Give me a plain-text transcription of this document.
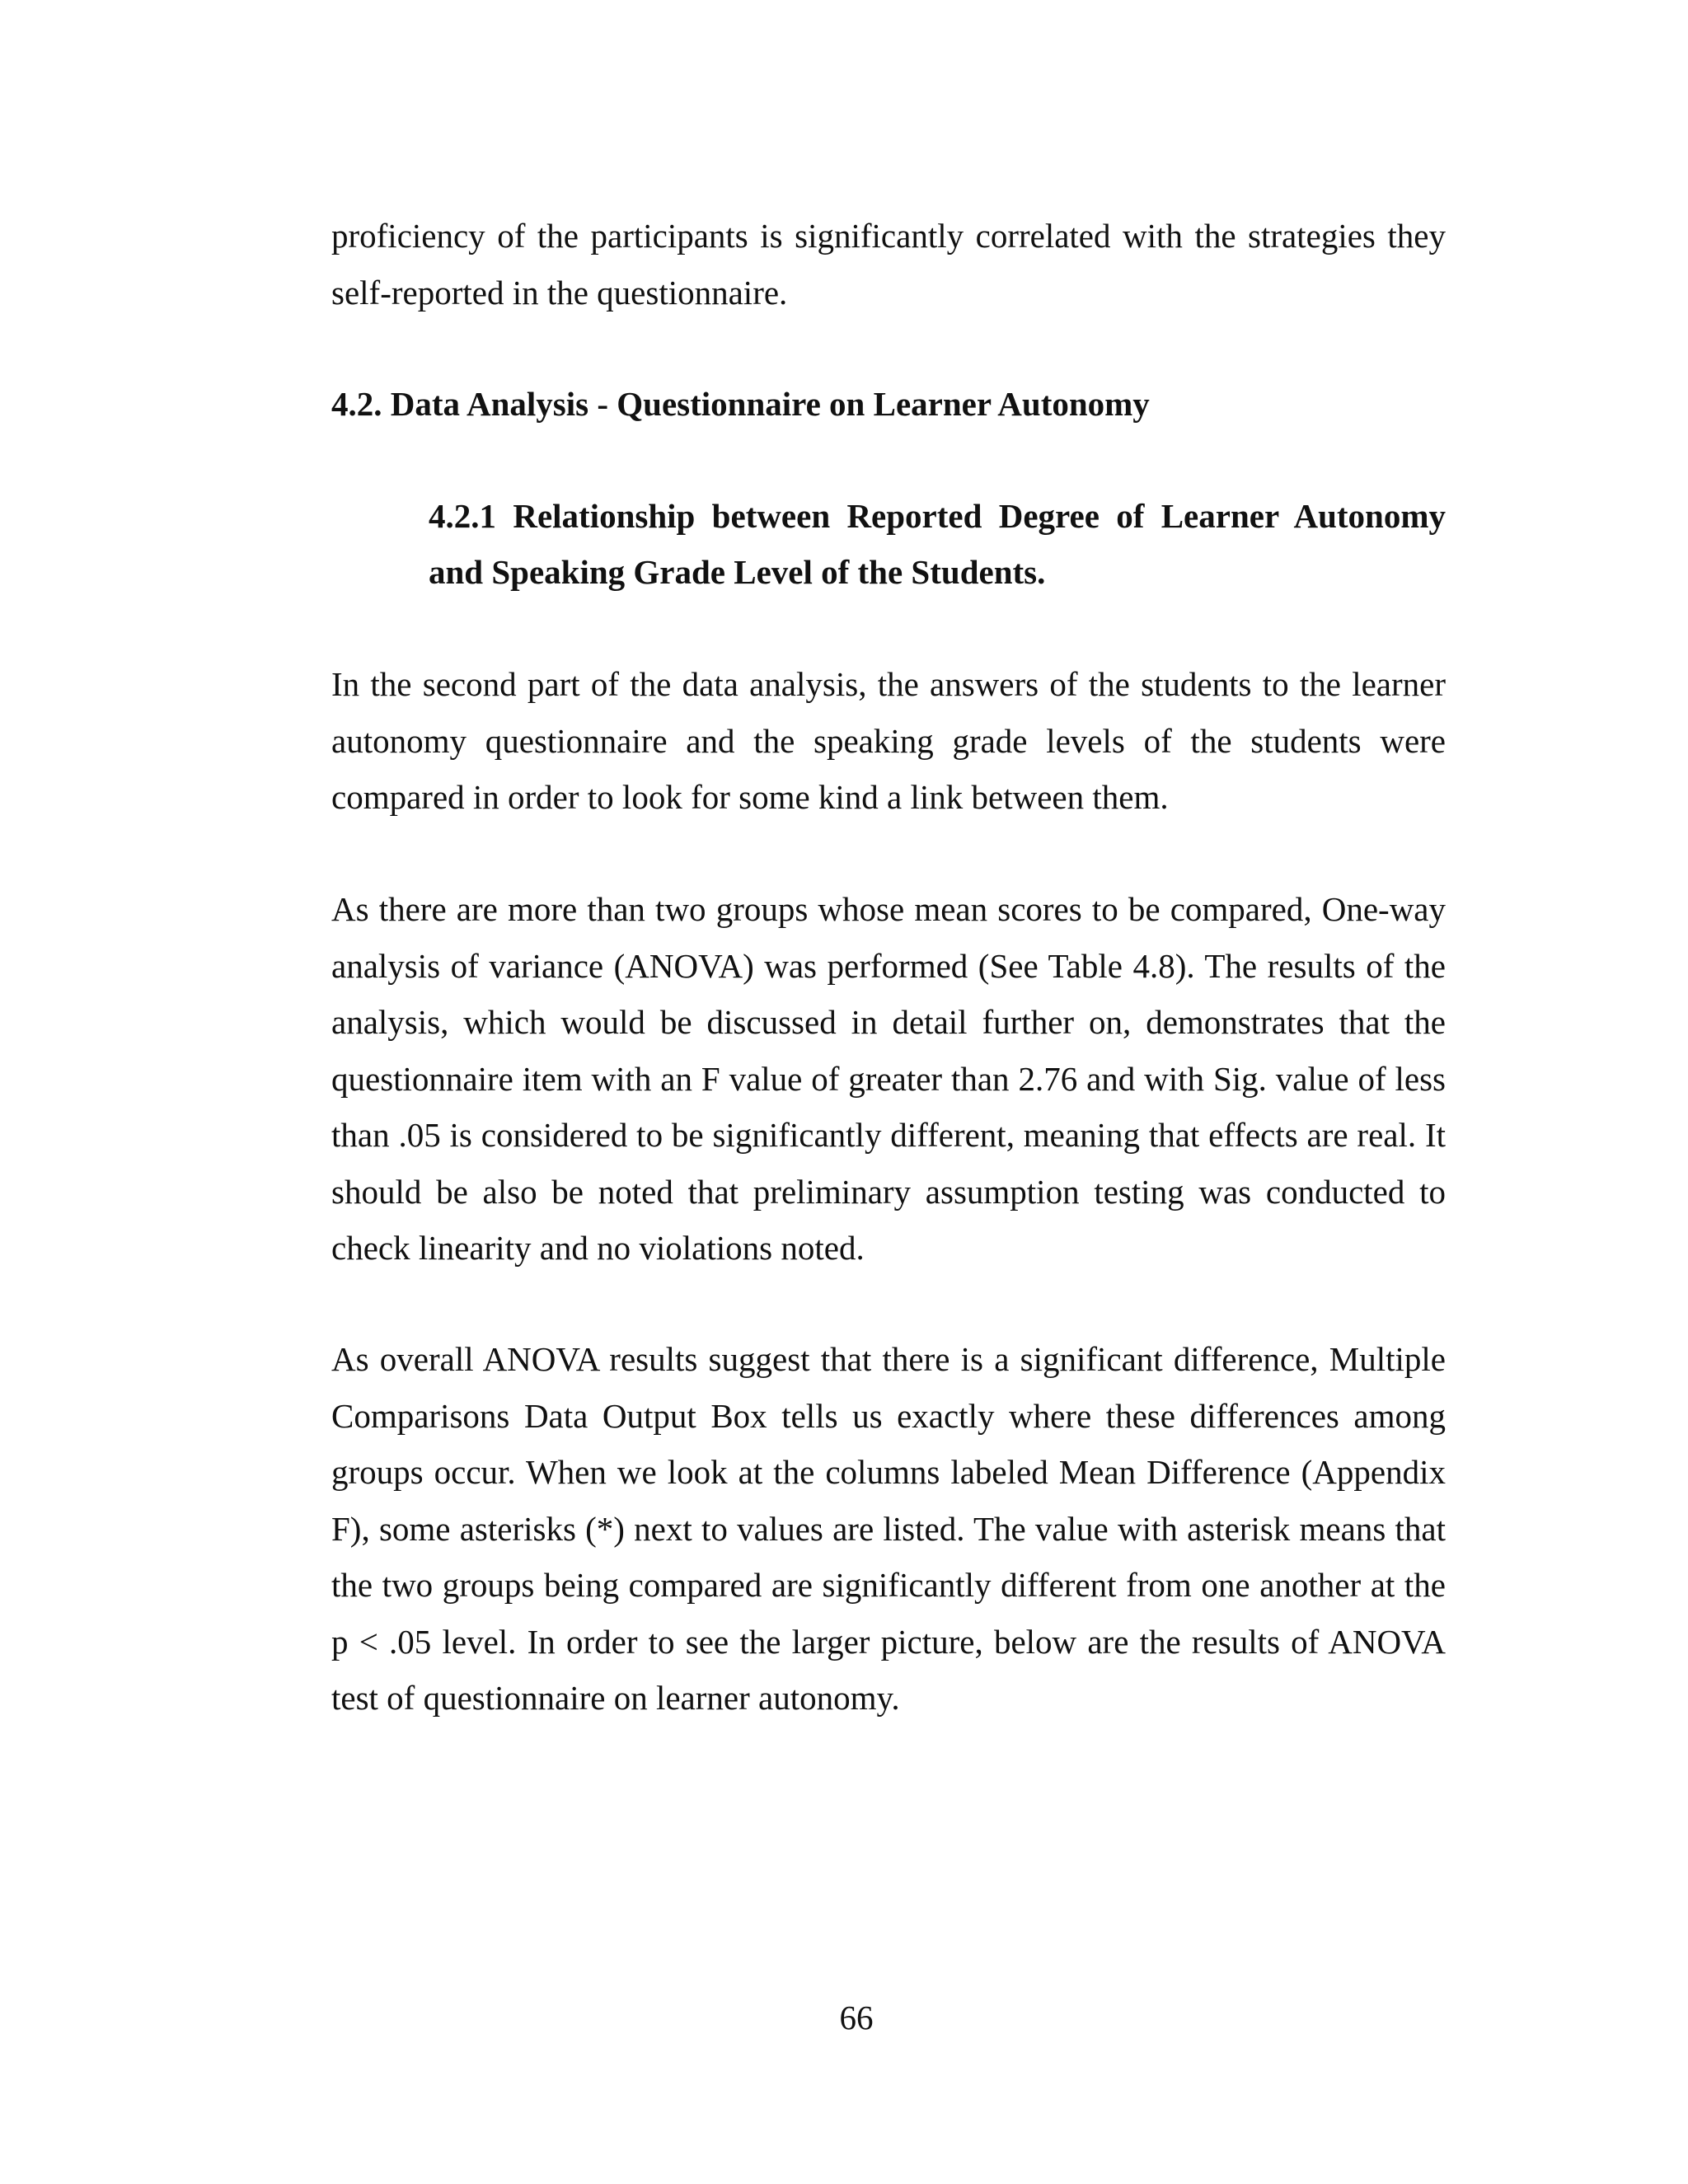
proficiency of the participants is significantly correlated with the strategies they self-reported in the questionnaire.

4.2. Data Analysis - Questionnaire on Learner Autonomy

4.2.1 Relationship between Reported Degree of Learner Autonomy and Speaking Grade Level of the Students.

In the second part of the data analysis, the answers of the students to the learner autonomy questionnaire and the speaking grade levels of the students were compared in order to look for some kind a link between them.

As there are more than two groups whose mean scores to be compared, One-way analysis of variance (ANOVA) was performed (See Table 4.8). The results of the analysis, which would be discussed in detail further on, demonstrates that the questionnaire item with an F value of greater than 2.76 and with Sig. value of less than .05 is considered to be significantly different, meaning that effects are real. It should be also be noted that preliminary assumption testing was conducted to check linearity and no violations noted.

As overall ANOVA results suggest that there is a significant difference, Multiple Comparisons Data Output Box tells us exactly where these differences among groups occur. When we look at the columns labeled Mean Difference (Appendix F), some asterisks (*) next to values are listed. The value with asterisk means that the two groups being compared are significantly different from one another at the p < .05 level. In order to see the larger picture, below are the results of ANOVA test of questionnaire on learner autonomy.

66
